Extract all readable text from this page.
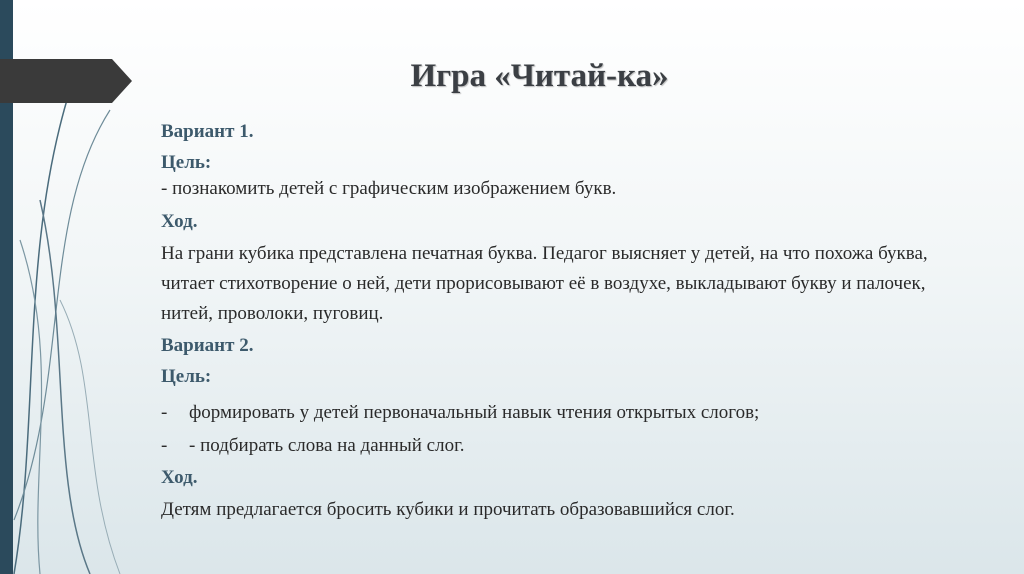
Игра «Читай-ка»
Вариант 1.
Цель:
- познакомить детей с графическим изображением букв.
Ход.
На грани кубика представлена печатная буква. Педагог выясняет у детей, на что похожа буква, читает стихотворение о ней, дети прорисовывают её в воздухе, выкладывают букву и палочек, нитей, проволоки, пуговиц.
Вариант 2.
Цель:
-	формировать у детей первоначальный навык чтения открытых слогов;
-	- подбирать слова на данный слог.
Ход.
Детям предлагается бросить кубики и прочитать образовавшийся слог.
